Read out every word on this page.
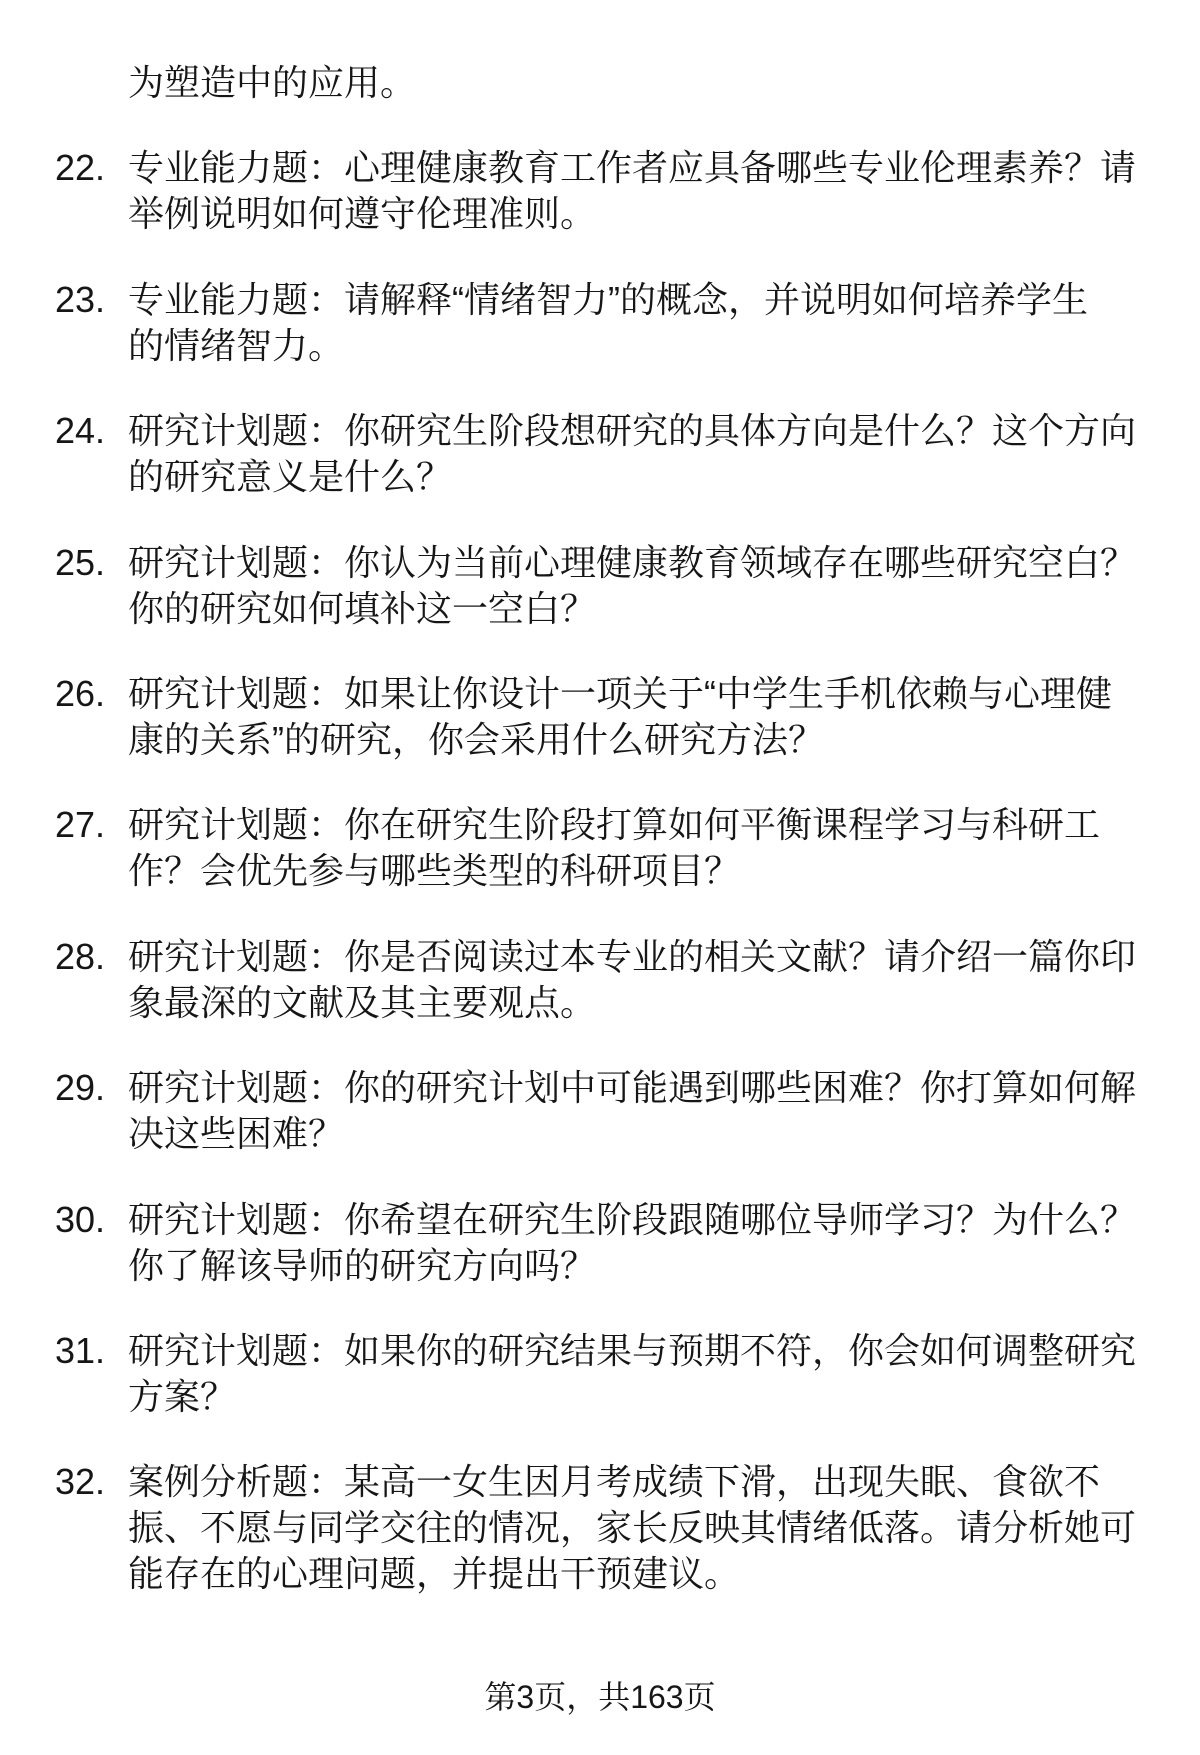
为塑造中的应用。
22. 专业能力题：心理健康教育工作者应具备哪些专业伦理素养？请
举例说明如何遵守伦理准则。
23. 专业能力题：请解释“情绪智力”的概念，并说明如何培养学生
的情绪智力。
24. 研究计划题：你研究生阶段想研究的具体方向是什么？这个方向
的研究意义是什么？
25. 研究计划题：你认为当前心理健康教育领域存在哪些研究空白？
你的研究如何填补这一空白？
26. 研究计划题：如果让你设计一项关于“中学生手机依赖与心理健
康的关系”的研究，你会采用什么研究方法？
27. 研究计划题：你在研究生阶段打算如何平衡课程学习与科研工
作？会优先参与哪些类型的科研项目？
28. 研究计划题：你是否阅读过本专业的相关文献？请介绍一篇你印
象最深的文献及其主要观点。
29. 研究计划题：你的研究计划中可能遇到哪些困难？你打算如何解
决这些困难？
30. 研究计划题：你希望在研究生阶段跟随哪位导师学习？为什么？
你了解该导师的研究方向吗？
31. 研究计划题：如果你的研究结果与预期不符，你会如何调整研究
方案？
32. 案例分析题：某高一女生因月考成绩下滑，出现失眠、食欲不
振、不愿与同学交往的情况，家长反映其情绪低落。请分析她可
能存在的心理问题，并提出干预建议。
第3页，共163页
